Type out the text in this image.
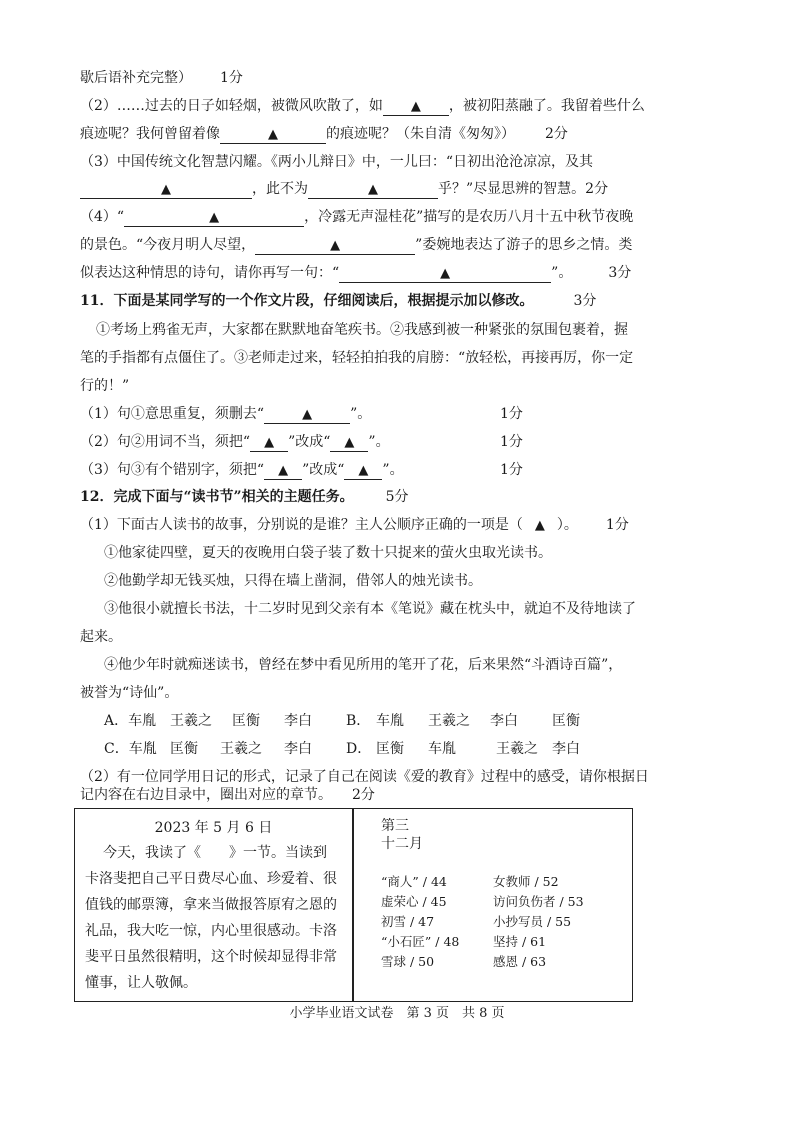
歇后语补充完整） 1分
（2）……过去的日子如轻烟，被微风吹散了，如 ▲ ，被初阳蒸融了。我留着些什么
痕迹呢？我何曾留着像	▲	的痕迹呢？（朱自清《匆匆》） 2分
（3）中国传统文化智慧闪耀。《两小儿辩日》中，一儿曰：“日初出沧沧凉凉，及其
▲	，此不为	▲	乎？”尽显思辨的智慧。2分
（4）“	▲	，冷露无声湿桂花”描写的是农历八月十五中秋节夜晚
的景色。“今夜月明人尽望，	▲	”委婉地表达了游子的思乡之情。类
似表达这种情思的诗句，请你再写一句：“	▲	”。	3分
11．下面是某同学写的一个作文片段，仔细阅读后，根据提示加以修改。	3分
①考场上鸦雀无声，大家都在默默地奋笔疾书。②我感到被一种紧张的氛围包裹着，握
笔的手指都有点僵住了。③老师走过来，轻轻拍拍我的肩膀：“放轻松，再接再厉，你一定
行的！”
（1）句①意思重复，须删去“	▲	”。	1分
（2）句②用词不当，须把“ ▲ ”改成“ ▲ ”。	1分
（3）句③有个错别字，须把“ ▲ ”改成“ ▲ ”。	1分
12．完成下面与“读书节”相关的主题任务。 5分
（1）下面古人读书的故事，分别说的是谁？主人公顺序正确的一项是（ ▲ ）。 1分
①他家徒四壁，夏天的夜晚用白袋子装了数十只捉来的萤火虫取光读书。
②他勤学却无钱买烛，只得在墙上凿洞，借邻人的烛光读书。
③他很小就擅长书法，十二岁时见到父亲有本《笔说》藏在枕头中，就迫不及待地读了
起来。
④他少年时就痴迷读书，曾经在梦中看见所用的笔开了花，后来果然“斗酒诗百篇”，
被誉为“诗仙”。
A．车胤 王羲之 匡衡 李白 B． 车胤 王羲之 李白 匡衡
C．车胤 匡衡 王羲之 李白 D． 匡衡 车胤	王羲之 李白
（2）有一位同学用日记的形式，记录了自己在阅读《爱的教育》过程中的感受，请你根据日
记内容在右边目录中，圈出对应的章节。 2分
2023 年 5 月 6 日
今天，我读了《　　》一节。当读到
卡洛斐把自己平日费尽心血、珍爱着、很
值钱的邮票簿，拿来当做报答原宥之恩的
礼品，我大吃一惊，内心里很感动。卡洛
斐平日虽然很精明，这个时候却显得非常
懂事，让人敬佩。
第三
十二月
“商人” / 44
虚荣心 / 45
初雪 / 47
“小石匠” / 48
雪球 / 50
女教师 / 52
访问负伤者 / 53
小抄写员 / 55
坚持 / 61
感恩 / 63
小学毕业语文试卷　第 3 页　共 8 页
